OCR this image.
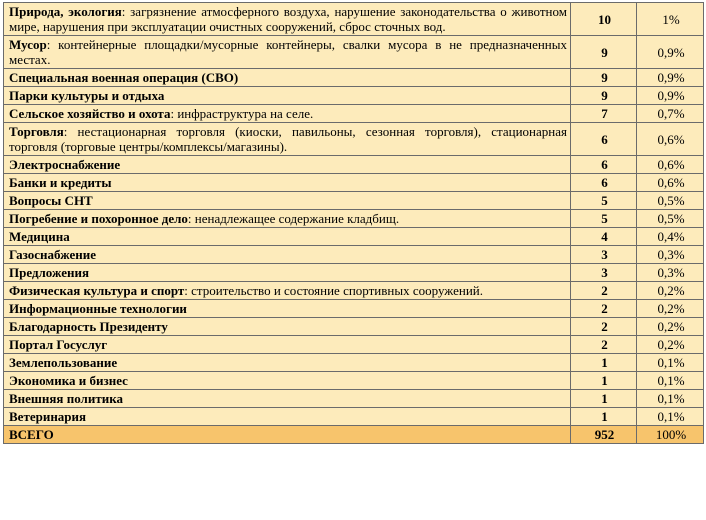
Природа, экология: загрязнение атмосферного воздуха, нарушение законодательства о животном мире, нарушения при эксплуатации очистных сооружений, сброс сточных вод.	10	1%
Мусор: контейнерные площадки/мусорные контейнеры, свалки мусора в не предназначенных местах.	9	0,9%
Специальная военная операция (СВО)	9	0,9%
Парки культуры и отдыха	9	0,9%
Сельское хозяйство и охота: инфраструктура на селе.	7	0,7%
Торговля: нестационарная торговля (киоски, павильоны, сезонная торговля), стационарная торговля (торговые центры/комплексы/магазины).	6	0,6%
Электроснабжение	6	0,6%
Банки и кредиты	6	0,6%
Вопросы СНТ	5	0,5%
Погребение и похоронное дело: ненадлежащее содержание кладбищ.	5	0,5%
Медицина	4	0,4%
Газоснабжение	3	0,3%
Предложения	3	0,3%
Физическая культура и спорт: строительство и состояние спортивных сооружений.	2	0,2%
Информационные технологии	2	0,2%
Благодарность Президенту	2	0,2%
Портал Госуслуг	2	0,2%
Землепользование	1	0,1%
Экономика и бизнес	1	0,1%
Внешняя политика	1	0,1%
Ветеринария	1	0,1%
ВСЕГО	952	100%
